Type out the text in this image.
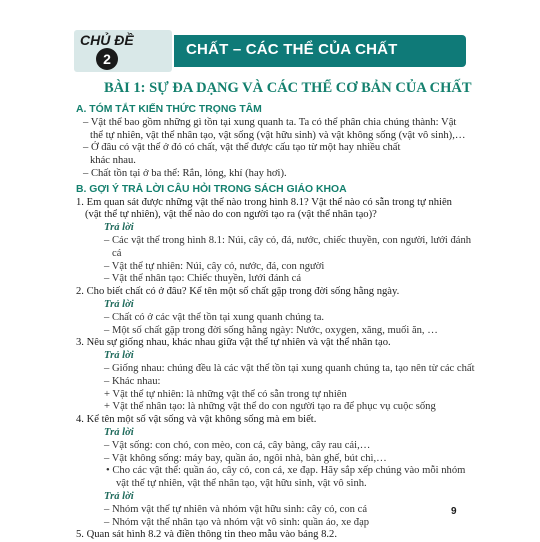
CHỦ ĐỀ
2
CHẤT – CÁC THỂ CỦA CHẤT
BÀI 1: SỰ ĐA DẠNG VÀ CÁC THỂ CƠ BẢN CỦA CHẤT

A. TÓM TẮT KIẾN THỨC TRỌNG TÂM

– Vật thể bao gồm những gì tồn tại xung quanh ta. Ta có thể phân chia chúng thành: Vật

thể tự nhiên, vật thể nhân tạo, vật sống (vật hữu sinh) và vật không sống (vật vô sinh),…

– Ở đâu có vật thể ở đó có chất, vật thể được cấu tạo từ một hay nhiều chất

khác nhau.

– Chất tồn tại ở ba thể: Rắn, lỏng, khí (hay hơi).

B. GỢI Ý TRẢ LỜI CÂU HỎI TRONG SÁCH GIÁO KHOA

1. Em quan sát được những vật thể nào trong hình 8.1? Vật thể nào có sẵn trong tự nhiên

(vật thể tự nhiên), vật thể nào do con người tạo ra (vật thể nhân tạo)?

Trả lời

– Các vật thể trong hình 8.1: Núi, cây cỏ, đá, nước, chiếc thuyền, con người, lưới đánh cá

– Vật thể tự nhiên: Núi, cây cỏ, nước, đá, con người

– Vật thể nhân tạo: Chiếc thuyền, lưới đánh cá

2. Cho biết chất có ở đâu? Kể tên một số chất gặp trong đời sống hằng ngày.

Trả lời

– Chất có ở các vật thể tồn tại xung quanh chúng ta.

– Một số chất gặp trong đời sống hằng ngày: Nước, oxygen, xăng, muối ăn, …

3. Nêu sự giống nhau, khác nhau giữa vật thể tự nhiên và vật thể nhân tạo.

Trả lời

– Giống nhau: chúng đều là các vật thể tồn tại xung quanh chúng ta, tạo nên từ các chất

– Khác nhau:

+ Vật thể tự nhiên: là những vật thể có sẵn trong tự nhiên

+ Vật thể nhân tạo: là những vật thể do con người tạo ra để phục vụ cuộc sống

4. Kể tên một số vật sống và vật không sống mà em biết.

Trả lời

– Vật sống: con chó, con mèo, con cá, cây bàng, cây rau cải,…

– Vật không sống: máy bay, quần áo, ngôi nhà, bàn ghế, bút chì,…

• Cho các vật thể: quần áo, cây cỏ, con cá, xe đạp. Hãy sắp xếp chúng vào mỗi nhóm

vật thể tự nhiên, vật thể nhân tạo, vật hữu sinh, vật vô sinh.

Trả lời

– Nhóm vật thể tự nhiên và nhóm vật hữu sinh: cây cỏ, con cá

– Nhóm vật thể nhân tạo và nhóm vật vô sinh: quần áo, xe đạp

5. Quan sát hình 8.2 và điền thông tin theo mẫu vào bảng 8.2.

9
